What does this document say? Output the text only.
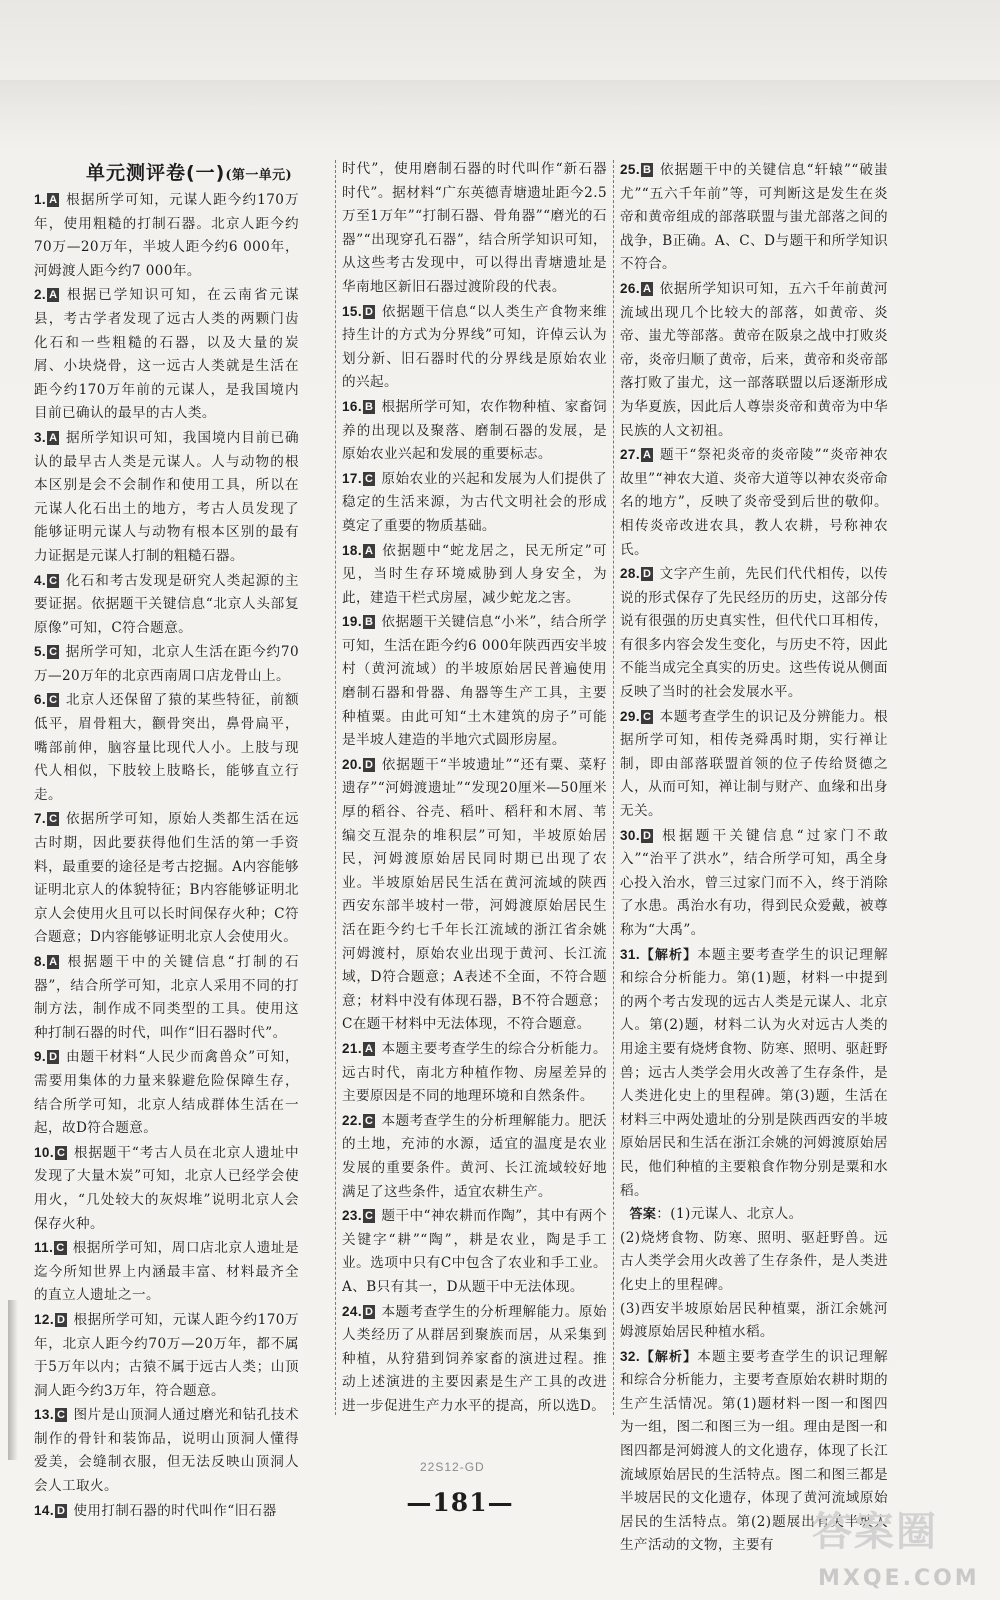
单元测评卷(一)(第一单元)
1. A 根据所学可知，元谋人距今约170万年，使用粗糙的打制石器。北京人距今约70万—20万年，半坡人距今约6 000年，河姆渡人距今约7 000年。
2. A 根据已学知识可知，在云南省元谋县，考古学者发现了远古人类的两颗门齿化石和一些粗糙的石器，以及大量的炭屑、小块烧骨，这一远古人类就是生活在距今约170万年前的元谋人，是我国境内目前已确认的最早的古人类。
3. A 据所学知识可知，我国境内目前已确认的最早古人类是元谋人。人与动物的根本区别是会不会制作和使用工具，所以在元谋人化石出土的地方，考古人员发现了能够证明元谋人与动物有根本区别的最有力证据是元谋人打制的粗糙石器。
4. C 化石和考古发现是研究人类起源的主要证据。依据题干关键信息“北京人头部复原像”可知，C符合题意。
5. C 据所学可知，北京人生活在距今约70万—20万年的北京西南周口店龙骨山上。
6. C 北京人还保留了猿的某些特征，前额低平，眉骨粗大，颧骨突出，鼻骨扁平，嘴部前伸，脑容量比现代人小。上肢与现代人相似，下肢较上肢略长，能够直立行走。
7. C 依据所学可知，原始人类都生活在远古时期，因此要获得他们生活的第一手资料，最重要的途径是考古挖掘。A内容能够证明北京人的体貌特征；B内容能够证明北京人会使用火且可以长时间保存火种；C符合题意；D内容能够证明北京人会使用火。
8. A 根据题干中的关键信息“打制的石器”，结合所学可知，北京人采用不同的打制方法，制作成不同类型的工具。使用这种打制石器的时代，叫作“旧石器时代”。
9. D 由题干材料“人民少而禽兽众”可知，需要用集体的力量来躲避危险保障生存，结合所学可知，北京人结成群体生活在一起，故D符合题意。
10. C 根据题干“考古人员在北京人遗址中发现了大量木炭”可知，北京人已经学会使用火，“几处较大的灰烬堆”说明北京人会保存火种。
11. C 根据所学可知，周口店北京人遗址是迄今所知世界上内涵最丰富、材料最齐全的直立人遗址之一。
12. D 根据所学可知，元谋人距今约170万年，北京人距今约70万—20万年，都不属于5万年以内；古猿不属于远古人类；山顶洞人距今约3万年，符合题意。
13. C 图片是山顶洞人通过磨光和钻孔技术制作的骨针和装饰品，说明山顶洞人懂得爱美，会缝制衣服，但无法反映山顶洞人会人工取火。
14. D 使用打制石器的时代叫作“旧石器

时代”，使用磨制石器的时代叫作“新石器时代”。据材料“广东英德青塘遗址距今2.5万至1万年”“打制石器、骨角器”“磨光的石器”“出现穿孔石器”，结合所学知识可知，从这些考古发现中，可以得出青塘遗址是华南地区新旧石器过渡阶段的代表。

15. D 依据题干信息“以人类生产食物来维持生计的方式为分界线”可知，许倬云认为划分新、旧石器时代的分界线是原始农业的兴起。
16. B 根据所学可知，农作物种植、家畜饲养的出现以及聚落、磨制石器的发展，是原始农业兴起和发展的重要标志。
17. C 原始农业的兴起和发展为人们提供了稳定的生活来源，为古代文明社会的形成奠定了重要的物质基础。
18. A 依据题中“蛇龙居之，民无所定”可见，当时生存环境威胁到人身安全，为此，建造干栏式房屋，减少蛇龙之害。
19. B 依据题干关键信息“小米”，结合所学可知，生活在距今约6 000年陕西西安半坡村（黄河流域）的半坡原始居民普遍使用磨制石器和骨器、角器等生产工具，主要种植粟。由此可知“土木建筑的房子”可能是半坡人建造的半地穴式圆形房屋。
20. D 依据题干“半坡遗址”“还有粟、菜籽遗存”“河姆渡遗址”“发现20厘米—50厘米厚的稻谷、谷壳、稻叶、稻秆和木屑、苇编交互混杂的堆积层”可知，半坡原始居民，河姆渡原始居民同时期已出现了农业。半坡原始居民生活在黄河流域的陕西西安东部半坡村一带，河姆渡原始居民生活在距今约七千年长江流域的浙江省余姚河姆渡村，原始农业出现于黄河、长江流域，D符合题意；A表述不全面，不符合题意；材料中没有体现石器，B不符合题意；C在题干材料中无法体现，不符合题意。
21. A 本题主要考查学生的综合分析能力。远古时代，南北方种植作物、房屋差异的主要原因是不同的地理环境和自然条件。
22. C 本题考查学生的分析理解能力。肥沃的土地，充沛的水源，适宜的温度是农业发展的重要条件。黄河、长江流域较好地满足了这些条件，适宜农耕生产。
23. C 题干中“神农耕而作陶”，其中有两个关键字“耕”“陶”，耕是农业，陶是手工业。选项中只有C中包含了农业和手工业。A、B只有其一，D从题干中无法体现。
24. D 本题考查学生的分析理解能力。原始人类经历了从群居到聚族而居，从采集到种植，从狩猎到饲养家畜的演进过程。推动上述演进的主要因素是生产工具的改进进一步促进生产力水平的提高，所以选D。
25. B 依据题干中的关键信息“轩辕”“破蚩尤”“五六千年前”等，可判断这是发生在炎帝和黄帝组成的部落联盟与蚩尤部落之间的战争，B正确。A、C、D与题干和所学知识不符合。
26. A 依据所学知识可知，五六千年前黄河流域出现几个比较大的部落，如黄帝、炎帝、蚩尤等部落。黄帝在阪泉之战中打败炎帝，炎帝归顺了黄帝，后来，黄帝和炎帝部落打败了蚩尤，这一部落联盟以后逐渐形成为华夏族，因此后人尊崇炎帝和黄帝为中华民族的人文初祖。
27. A 题干“祭祀炎帝的炎帝陵”“炎帝神农故里”“神农大道、炎帝大道等以神农炎帝命名的地方”，反映了炎帝受到后世的敬仰。相传炎帝改进农具，教人农耕，号称神农氏。
28. D 文字产生前，先民们代代相传，以传说的形式保存了先民经历的历史，这部分传说有很强的历史真实性，但代代口耳相传，有很多内容会发生变化，与历史不符，因此不能当成完全真实的历史。这些传说从侧面反映了当时的社会发展水平。
29. C 本题考查学生的识记及分辨能力。根据所学可知，相传尧舜禹时期，实行禅让制，即由部落联盟首领的位子传给贤德之人，从而可知，禅让制与财产、血缘和出身无关。
30. D 根据题干关键信息“过家门不敢入”“治平了洪水”，结合所学可知，禹全身心投入治水，曾三过家门而不入，终于消除了水患。禹治水有功，得到民众爱戴，被尊称为“大禹”。
31.【解析】本题主要考查学生的识记理解和综合分析能力。第(1)题，材料一中提到的两个考古发现的远古人类是元谋人、北京人。第(2)题，材料二认为火对远古人类的用途主要有烧烤食物、防寒、照明、驱赶野兽；远古人类学会用火改善了生存条件，是人类进化史上的里程碑。第(3)题，生活在材料三中两处遗址的分别是陕西西安的半坡原始居民和生活在浙江余姚的河姆渡原始居民，他们种植的主要粮食作物分别是粟和水稻。
答案：(1)元谋人、北京人。

(2)烧烤食物、防寒、照明、驱赶野兽。远古人类学会用火改善了生存条件，是人类进化史上的里程碑。

(3)西安半坡原始居民种植粟，浙江余姚河姆渡原始居民种植水稻。

32.【解析】本题主要考查学生的识记理解和综合分析能力，主要考查原始农耕时期的生产生活情况。第(1)题材料一图一和图四为一组，图二和图三为一组。理由是图一和图四都是河姆渡人的文化遗存，体现了长江流域原始居民的生活特点。图二和图三都是半坡居民的文化遗存，体现了黄河流域原始居民的生活特点。第(2)题展出有关半坡人生产活动的文物，主要有
22S12-GD
—181—
答案圈
MXQE.COM
